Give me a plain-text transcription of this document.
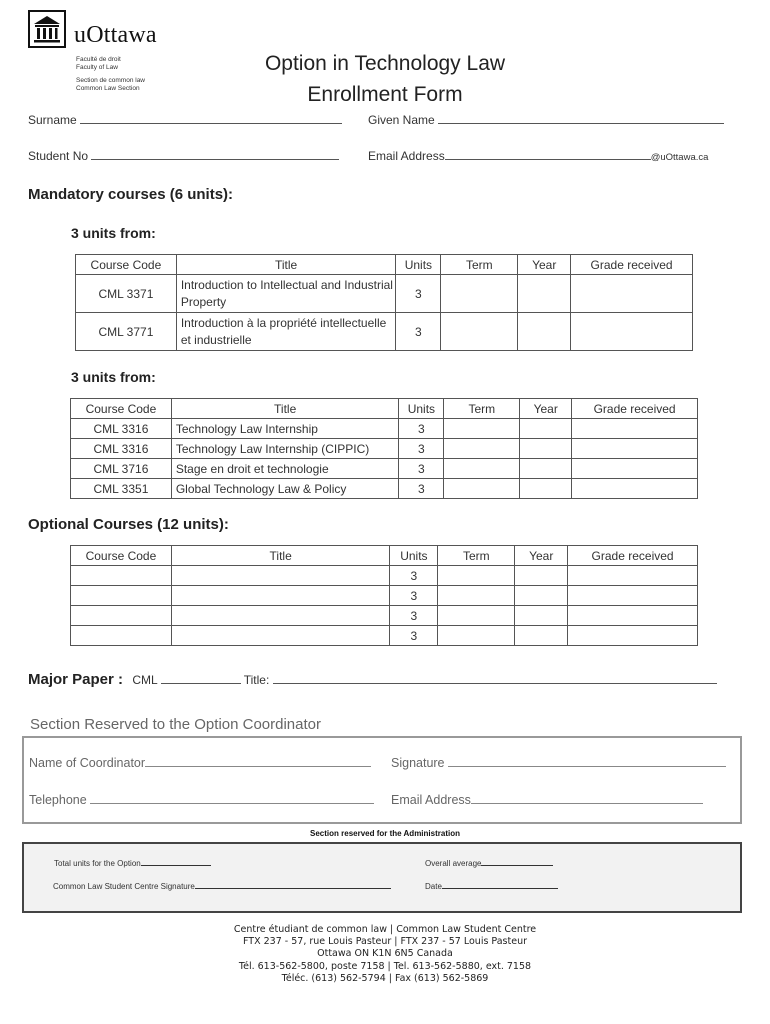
uOttawa
Faculté de droit
Faculty of Law
Section de common law
Common Law Section
Option in Technology Law
Enrollment Form
Surname	Given Name
Student No	Email Address	@uOttawa.ca
Mandatory courses (6 units):
3 units from:
Course Code	Title	Units	Term	Year	Grade received
CML 3371	Introduction to Intellectual and Industrial Property	3			
CML 3771	Introduction à la propriété intellectuelle et industrielle	3			
3 units from:
Course Code	Title	Units	Term	Year	Grade received
CML 3316	Technology Law Internship	3			
CML 3316	Technology Law Internship (CIPPIC)	3			
CML 3716	Stage en droit et technologie	3			
CML 3351	Global Technology Law & Policy	3			
Optional Courses (12 units):
Course Code	Title	Units	Term	Year	Grade received
		3			
		3			
		3			
		3			
Major Paper : CML	Title:
Section Reserved to the Option Coordinator
Name of Coordinator	Signature
Telephone	Email Address
Section reserved for the Administration
Total units for the Option	Overall average
Common Law Student Centre Signature	Date
Centre étudiant de common law | Common Law Student Centre
FTX 237 - 57, rue Louis Pasteur | FTX 237 - 57 Louis Pasteur
Ottawa ON K1N 6N5 Canada
Tél. 613-562-5800, poste 7158 | Tel. 613-562-5880, ext. 7158
Téléc. (613) 562-5794 | Fax (613) 562-5869
